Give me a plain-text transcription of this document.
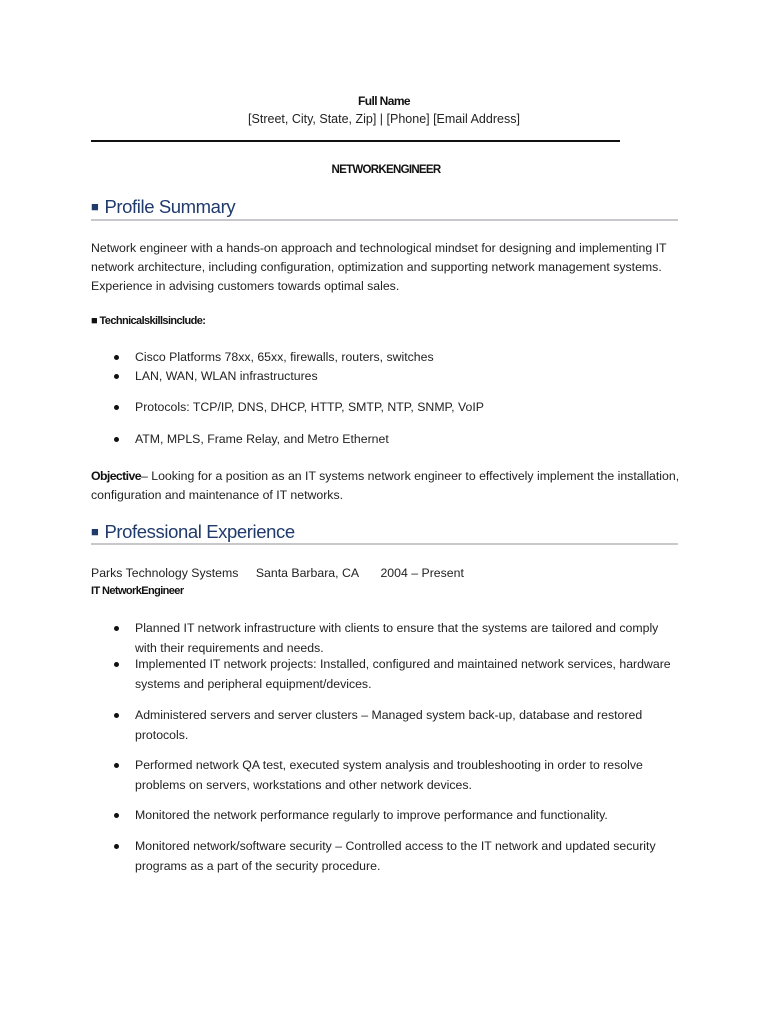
Full Name
[Street, City, State, Zip] | [Phone] [Email Address]
NETWORKENGINEER
■ Profile Summary
Network engineer with a hands-on approach and technological mindset for designing and implementing IT network architecture, including configuration, optimization and supporting network management systems. Experience in advising customers towards optimal sales.
■ Technicalskillsinclude:
Cisco Platforms 78xx, 65xx, firewalls, routers, switches
LAN, WAN, WLAN infrastructures
Protocols: TCP/IP, DNS, DHCP, HTTP, SMTP, NTP, SNMP, VoIP
ATM, MPLS, Frame Relay, and Metro Ethernet
Objective– Looking for a position as an IT systems network engineer to effectively implement the installation, configuration and maintenance of IT networks.
■ Professional Experience
Parks Technology Systems Santa Barbara, CA 2004 – Present
IT NetworkEngineer
Planned IT network infrastructure with clients to ensure that the systems are tailored and comply with their requirements and needs.
Implemented IT network projects: Installed, configured and maintained network services, hardware systems and peripheral equipment/devices.
Administered servers and server clusters – Managed system back-up, database and restored protocols.
Performed network QA test, executed system analysis and troubleshooting in order to resolve problems on servers, workstations and other network devices.
Monitored the network performance regularly to improve performance and functionality.
Monitored network/software security – Controlled access to the IT network and updated security programs as a part of the security procedure.
